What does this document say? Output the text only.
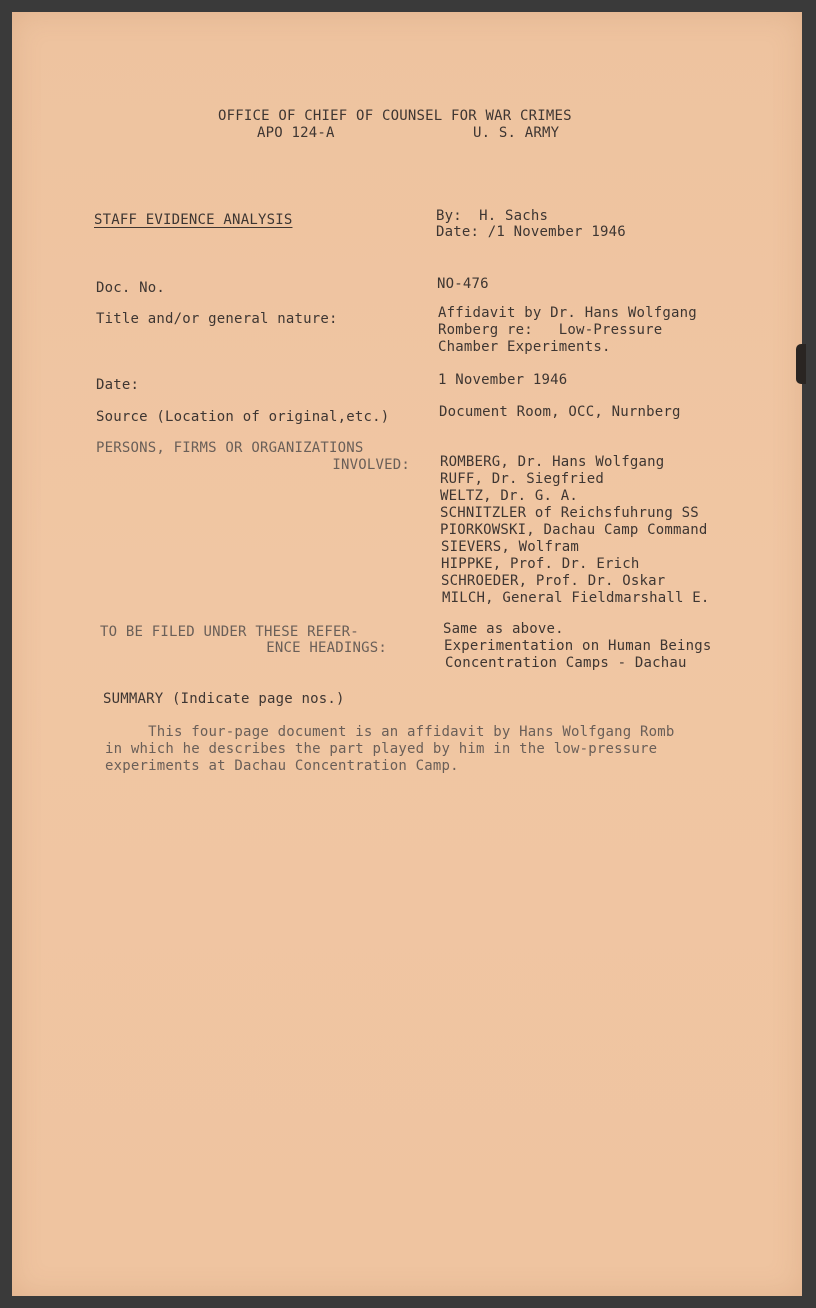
OFFICE OF CHIEF OF COUNSEL FOR WAR CRIMES
APO 124-A	U. S. ARMY
STAFF EVIDENCE ANALYSIS	By:  H. Sachs
Date: /1 November 1946
Doc. No.	NO-476
Title and/or general nature:	Affidavit by Dr. Hans Wolfgang
Romberg re:   Low-Pressure
Chamber Experiments.
Date:	1 November 1946
Source (Location of original,etc.)	Document Room, OCC, Nurnberg
PERSONS, FIRMS OR ORGANIZATIONS
INVOLVED: ROMBERG, Dr. Hans Wolfgang
RUFF, Dr. Siegfried
WELTZ, Dr. G. A.
SCHNITZLER of Reichsfuhrung SS
PIORKOWSKI, Dachau Camp Command
SIEVERS, Wolfram
HIPPKE, Prof. Dr. Erich
SCHROEDER, Prof. Dr. Oskar
MILCH, General Fieldmarshall E.
TO BE FILED UNDER THESE REFER-
ENCE HEADINGS:
Same as above.
Experimentation on Human Beings
Concentration Camps - Dachau
SUMMARY (Indicate page nos.)
This four-page document is an affidavit by Hans Wolfgang Romb
in which he describes the part played by him in the low-pressure
experiments at Dachau Concentration Camp.
